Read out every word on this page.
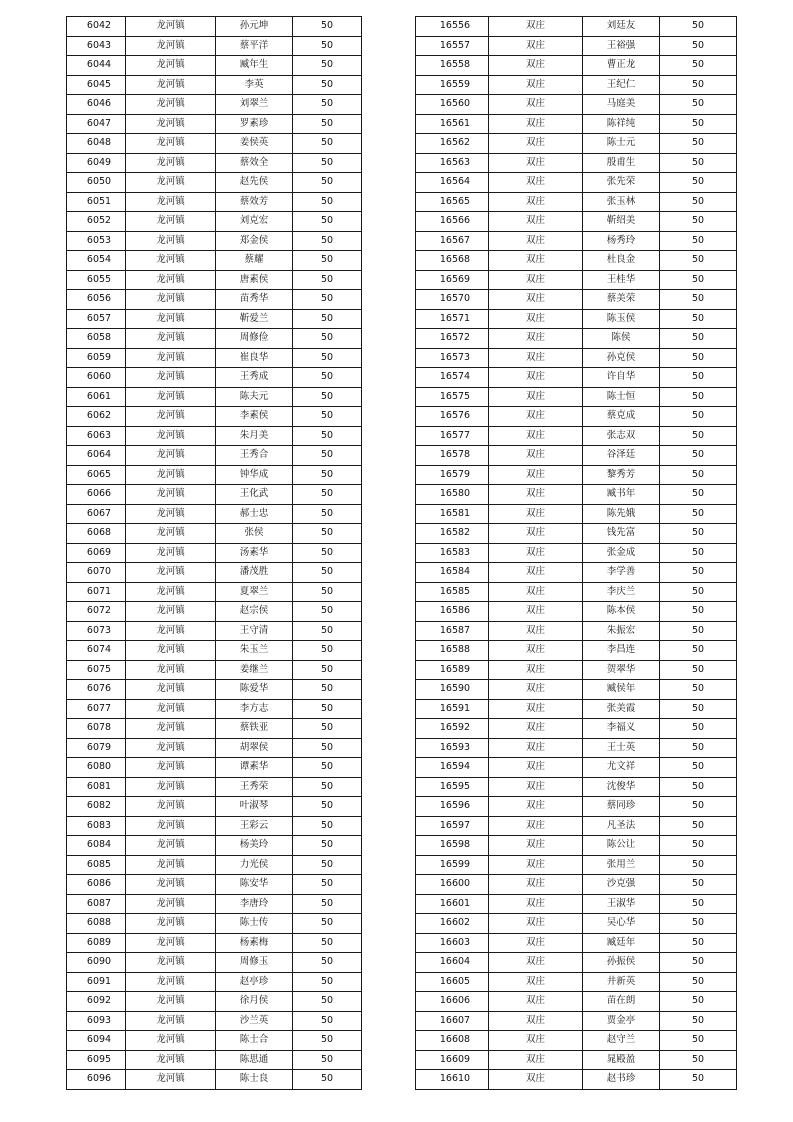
6042	龙河镇	孙元坤	50
6043	龙河镇	蔡平洋	50
6044	龙河镇	臧年生	50
6045	龙河镇	李英	50
6046	龙河镇	刘翠兰	50
6047	龙河镇	罗素珍	50
6048	龙河镇	姜侯英	50
6049	龙河镇	蔡效全	50
6050	龙河镇	赵先侯	50
6051	龙河镇	蔡效芳	50
6052	龙河镇	刘克宏	50
6053	龙河镇	郑金侯	50
6054	龙河镇	蔡耀	50
6055	龙河镇	唐素侯	50
6056	龙河镇	苗秀华	50
6057	龙河镇	靳爱兰	50
6058	龙河镇	周修俭	50
6059	龙河镇	崔良华	50
6060	龙河镇	王秀成	50
6061	龙河镇	陈夫元	50
6062	龙河镇	李素侯	50
6063	龙河镇	朱月美	50
6064	龙河镇	王秀合	50
6065	龙河镇	钟华成	50
6066	龙河镇	王化武	50
6067	龙河镇	郝士忠	50
6068	龙河镇	张侯	50
6069	龙河镇	汤素华	50
6070	龙河镇	潘茂胜	50
6071	龙河镇	夏翠兰	50
6072	龙河镇	赵宗侯	50
6073	龙河镇	王守清	50
6074	龙河镇	朱玉兰	50
6075	龙河镇	姜继兰	50
6076	龙河镇	陈爱华	50
6077	龙河镇	李方志	50
6078	龙河镇	蔡铁亚	50
6079	龙河镇	胡翠侯	50
6080	龙河镇	谭素华	50
6081	龙河镇	王秀荣	50
6082	龙河镇	叶淑琴	50
6083	龙河镇	王彩云	50
6084	龙河镇	杨美玲	50
6085	龙河镇	力光侯	50
6086	龙河镇	陈安华	50
6087	龙河镇	李唐玲	50
6088	龙河镇	陈士传	50
6089	龙河镇	杨素梅	50
6090	龙河镇	周修玉	50
6091	龙河镇	赵亭珍	50
6092	龙河镇	徐月侯	50
6093	龙河镇	沙兰英	50
6094	龙河镇	陈士合	50
6095	龙河镇	陈思通	50
6096	龙河镇	陈士良	50
16556	双庄	刘廷友	50
16557	双庄	王裕强	50
16558	双庄	曹正龙	50
16559	双庄	王纪仁	50
16560	双庄	马庭美	50
16561	双庄	陈祥纯	50
16562	双庄	陈士元	50
16563	双庄	殷甫生	50
16564	双庄	张先荣	50
16565	双庄	张玉林	50
16566	双庄	靳绍美	50
16567	双庄	杨秀玲	50
16568	双庄	杜良金	50
16569	双庄	王桂华	50
16570	双庄	蔡美荣	50
16571	双庄	陈玉侯	50
16572	双庄	陈侯	50
16573	双庄	孙克侯	50
16574	双庄	许自华	50
16575	双庄	陈士恒	50
16576	双庄	蔡克成	50
16577	双庄	张志双	50
16578	双庄	谷泽廷	50
16579	双庄	黎秀芳	50
16580	双庄	臧书年	50
16581	双庄	陈先娥	50
16582	双庄	钱先富	50
16583	双庄	张金成	50
16584	双庄	李学善	50
16585	双庄	李庆兰	50
16586	双庄	陈本侯	50
16587	双庄	朱振宏	50
16588	双庄	李昌连	50
16589	双庄	贺翠华	50
16590	双庄	臧侯年	50
16591	双庄	张美霞	50
16592	双庄	李福义	50
16593	双庄	王士英	50
16594	双庄	尤文祥	50
16595	双庄	沈俊华	50
16596	双庄	蔡同珍	50
16597	双庄	凡圣法	50
16598	双庄	陈公让	50
16599	双庄	张用兰	50
16600	双庄	沙克强	50
16601	双庄	王淑华	50
16602	双庄	吴心华	50
16603	双庄	臧廷年	50
16604	双庄	孙振侯	50
16605	双庄	井新英	50
16606	双庄	苗在朗	50
16607	双庄	贾金亭	50
16608	双庄	赵守兰	50
16609	双庄	晁殿盈	50
16610	双庄	赵书珍	50
